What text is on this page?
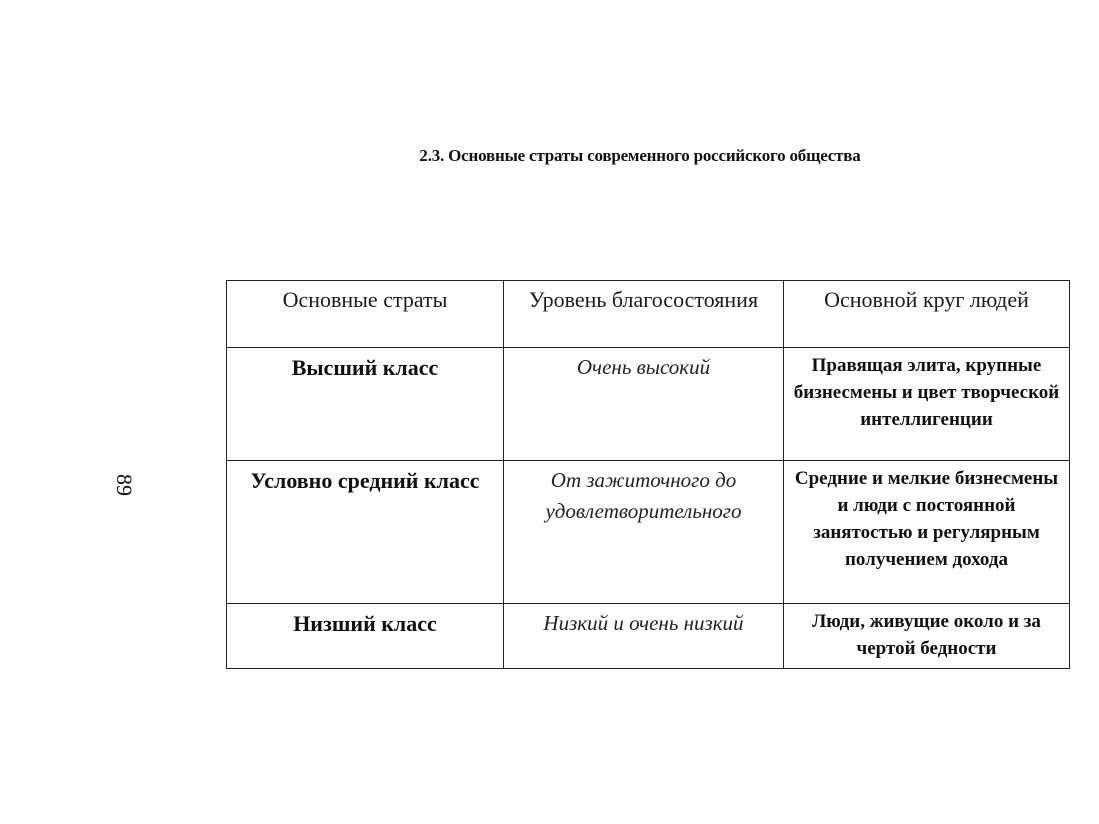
89
2.3. Основные страты современного российского общества
Основные страты	Уровень благосостояния	Основной круг людей
Высший класс	Очень высокий	Правящая элита, крупные бизнесмены и цвет творческой интеллигенции
Условно средний класс	От зажиточного до удовлетворительного	Средние и мелкие бизнесмены и люди с постоянной занятостью и регулярным получением дохода
Низший класс	Низкий и очень низкий	Люди, живущие около и за чертой бедности
